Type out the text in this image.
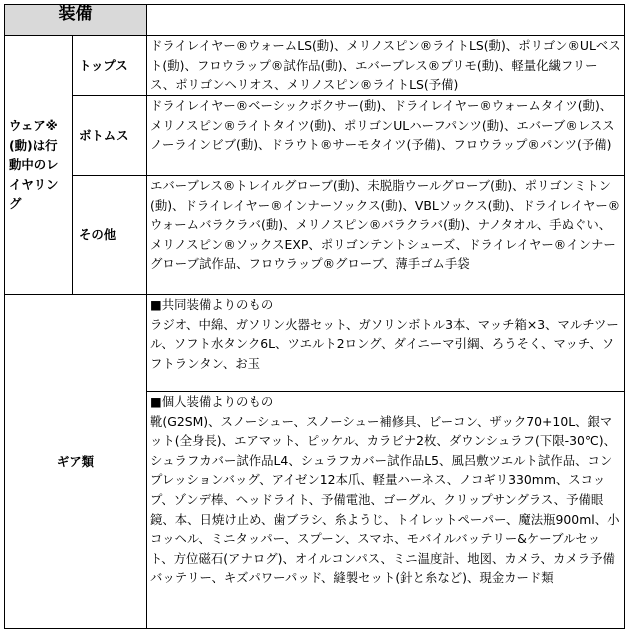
装備		
ウェア※(動)は行動中のレイヤリング	トップス	ドライレイヤー®ウォームLS(動)、メリノスピン®ライトLS(動)、ポリゴン®ULベスト(動)、フロウラップ®試作品(動)、エバーブレス®プリモ(動)、軽量化繊フリース、ポリゴンヘリオス、メリノスピン®ライトLS(予備)
	ボトムス	ドライレイヤー®ベーシックボクサー(動)、ドライレイヤー®ウォームタイツ(動)、メリノスピン®ライトタイツ(動)、ポリゴンULハーフパンツ(動)、エバーブ®レススノーラインビブ(動)、ドラウト®サーモタイツ(予備)、フロウラップ®パンツ(予備)
	その他	エバーブレス®トレイルグローブ(動)、未脱脂ウールグローブ(動)、ポリゴンミトン(動)、ドライレイヤー®インナーソックス(動)、VBLソックス(動)、ドライレイヤー®ウォームバラクラバ(動)、メリノスピン®バラクラバ(動)、ナノタオル、手ぬぐい、メリノスピン®ソックスEXP、ポリゴンテントシューズ、ドライレイヤー®インナーグローブ試作品、フロウラップ®グローブ、薄手ゴム手袋
ギア類		■共同装備よりのもの
ラジオ、中綿、ガソリン火器セット、ガソリンボトル3本、マッチ箱×3、マルチツール、ソフト水タンク6L、ツエルト2ロング、ダイニーマ引綱、ろうそく、マッチ、ソフトランタン、お玉

		■個人装備よりのもの
靴(G2SM)、スノーシュー、スノーシュー補修具、ビーコン、ザック70+10L、銀マット(全身長)、エアマット、ピッケル、カラビナ2枚、ダウンシュラフ(下限-30℃)、シュラフカバー試作品L4、シュラフカバー試作品L5、風呂敷ツエルト試作品、コンプレッションバッグ、アイゼン12本爪、軽量ハーネス、ノコギリ330mm、スコップ、ゾンデ棒、ヘッドライト、予備電池、ゴーグル、クリップサングラス、予備眼鏡、本、日焼け止め、歯ブラシ、糸ようじ、トイレットペーパー、魔法瓶900ml、小コッヘル、ミニタッパー、スプーン、スマホ、モバイルバッテリー&ケーブルセット、方位磁石(アナログ)、オイルコンパス、ミニ温度計、地図、カメラ、カメラ予備バッテリー、キズパワーパッド、縫製セット(針と糸など)、現金カード類
